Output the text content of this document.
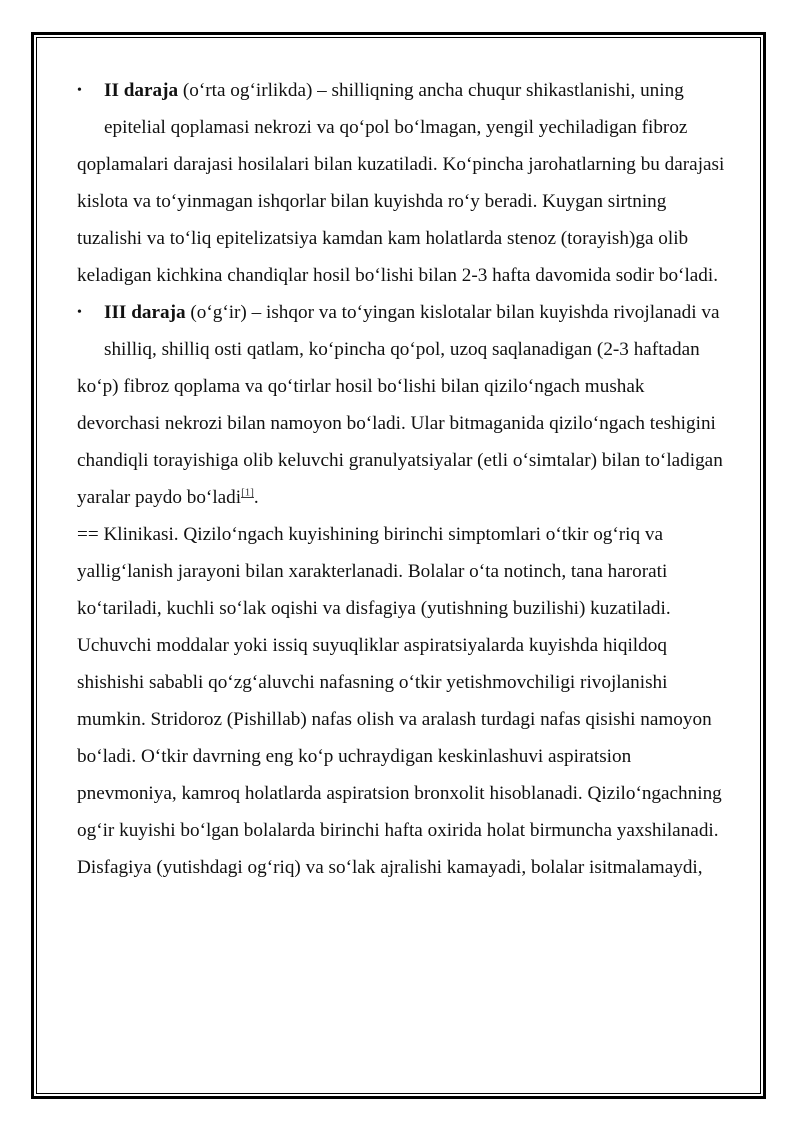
• II daraja (o‘rta og‘irlikda) – shilliqning ancha chuqur shikastlanishi, uning epitelial qoplamasi nekrozi va qo‘pol bo‘lmagan, yengil yechiladigan fibroz

qoplamalari darajasi hosilalari bilan kuzatiladi. Ko‘pincha jarohatlarning bu darajasi kislota va to‘yinmagan ishqorlar bilan kuyishda ro‘y beradi. Kuygan sirtning tuzalishi va to‘liq epitelizatsiya kamdan kam holatlarda stenoz (torayish)ga olib keladigan kichkina chandiqlar hosil bo‘lishi bilan 2-3 hafta davomida sodir bo‘ladi.

• III daraja (o‘g‘ir) – ishqor va to‘yingan kislotalar bilan kuyishda rivojlanadi va shilliq, shilliq osti qatlam, ko‘pincha qo‘pol, uzoq saqlanadigan (2-3 haftadan

ko‘p) fibroz qoplama va qo‘tirlar hosil bo‘lishi bilan qizilo‘ngach mushak devorchasi nekrozi bilan namoyon bo‘ladi. Ular bitmaganida qizilo‘ngach teshigini chandiqli torayishiga olib keluvchi granulyatsiyalar (etli o‘simtalar) bilan to‘ladigan yaralar paydo bo‘ladi[1].

== Klinikasi. Qizilo‘ngach kuyishining birinchi simptomlari o‘tkir og‘riq va yallig‘lanish jarayoni bilan xarakterlanadi. Bolalar o‘ta notinch, tana harorati ko‘tariladi, kuchli so‘lak oqishi va disfagiya (yutishning buzilishi) kuzatiladi. Uchuvchi moddalar yoki issiq suyuqliklar aspiratsiyalarda kuyishda hiqildoq shishishi sababli qo‘zg‘aluvchi nafasning o‘tkir yetishmovchiligi rivojlanishi mumkin. Stridoroz (Pishillab) nafas olish va aralash turdagi nafas qisishi namoyon bo‘ladi. O‘tkir davrning eng ko‘p uchraydigan keskinlashuvi aspiratsion pnevmoniya, kamroq holatlarda aspiratsion bronxolit hisoblanadi. Qizilo‘ngachning og‘ir kuyishi bo‘lgan bolalarda birinchi hafta oxirida holat birmuncha yaxshilanadi. Disfagiya (yutishdagi og‘riq) va so‘lak ajralishi kamayadi, bolalar isitmalamaydi,
